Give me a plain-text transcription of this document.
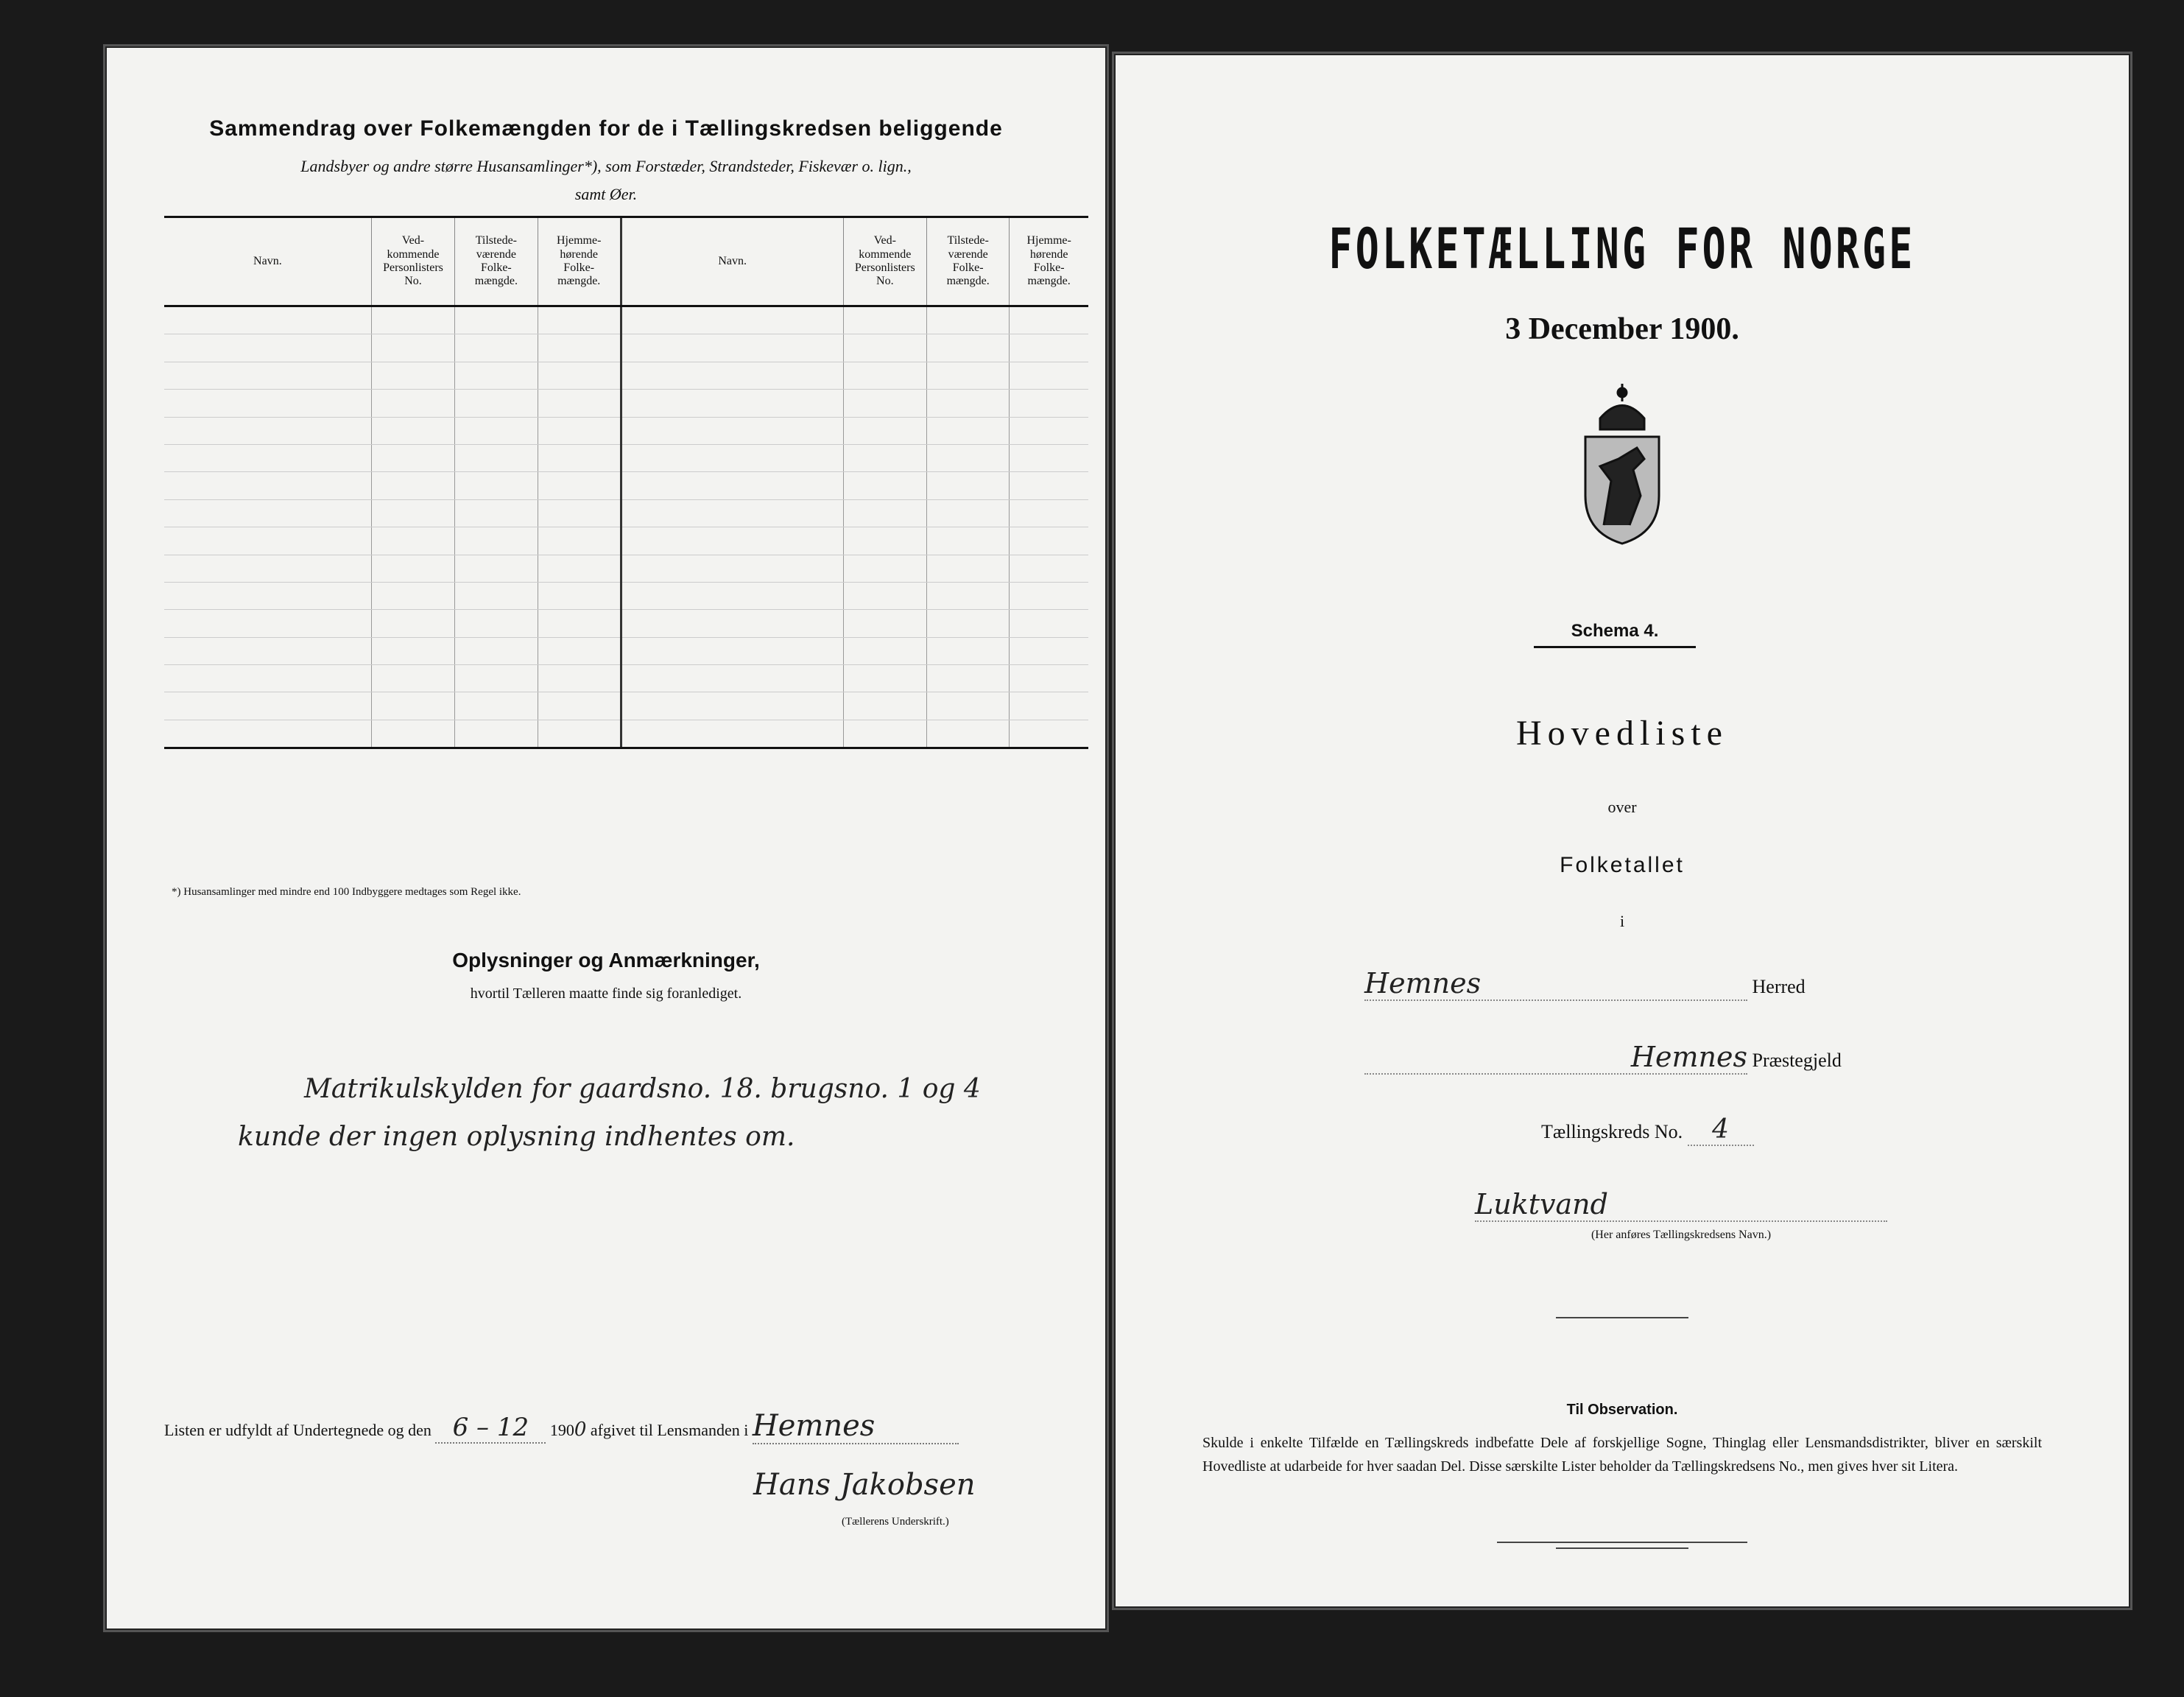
Sammendrag over Folkemængden for de i Tællingskredsen beliggende
Landsbyer og andre større Husansamlinger*), som Forstæder, Strandsteder, Fiskevær o. lign.,
samt Øer.
Navn.	Ved-
kommende
Personlisters
No.	Tilstede-
værende
Folke-
mængde.	Hjemme-
hørende
Folke-
mængde.	Navn.	Ved-
kommende
Personlisters
No.	Tilstede-
værende
Folke-
mængde.	Hjemme-
hørende
Folke-
mængde.

*) Husansamlinger med mindre end 100 Indbyggere medtages som Regel ikke.
Oplysninger og Anmærkninger,
hvortil Tælleren maatte finde sig foranlediget.
Matrikulskylden for gaardsno. 18. brugsno. 1 og 4
kunde der ingen oplysning indhentes om.
Listen er udfyldt af Undertegnede og den 6 – 12 1900 afgivet til Lensmanden i Hemnes
Hans Jakobsen
(Tællerens Underskrift.)
FOLKETÆLLING FOR NORGE
3 December 1900.
Schema 4.
Hovedliste
over
Folketallet
i
Hemnes	Herred
Hemnes Præstegjeld
Tællingskreds No. 4
Luktvand
(Her anføres Tællingskredsens Navn.)
Til Observation.
Skulde i enkelte Tilfælde en Tællingskreds indbefatte Dele af forskjellige Sogne, Thinglag eller Lensmandsdistrikter, bliver en særskilt Hovedliste at udarbeide for hver saadan Del. Disse særskilte Lister beholder da Tællingskredsens No., men gives hver sit Litera.
